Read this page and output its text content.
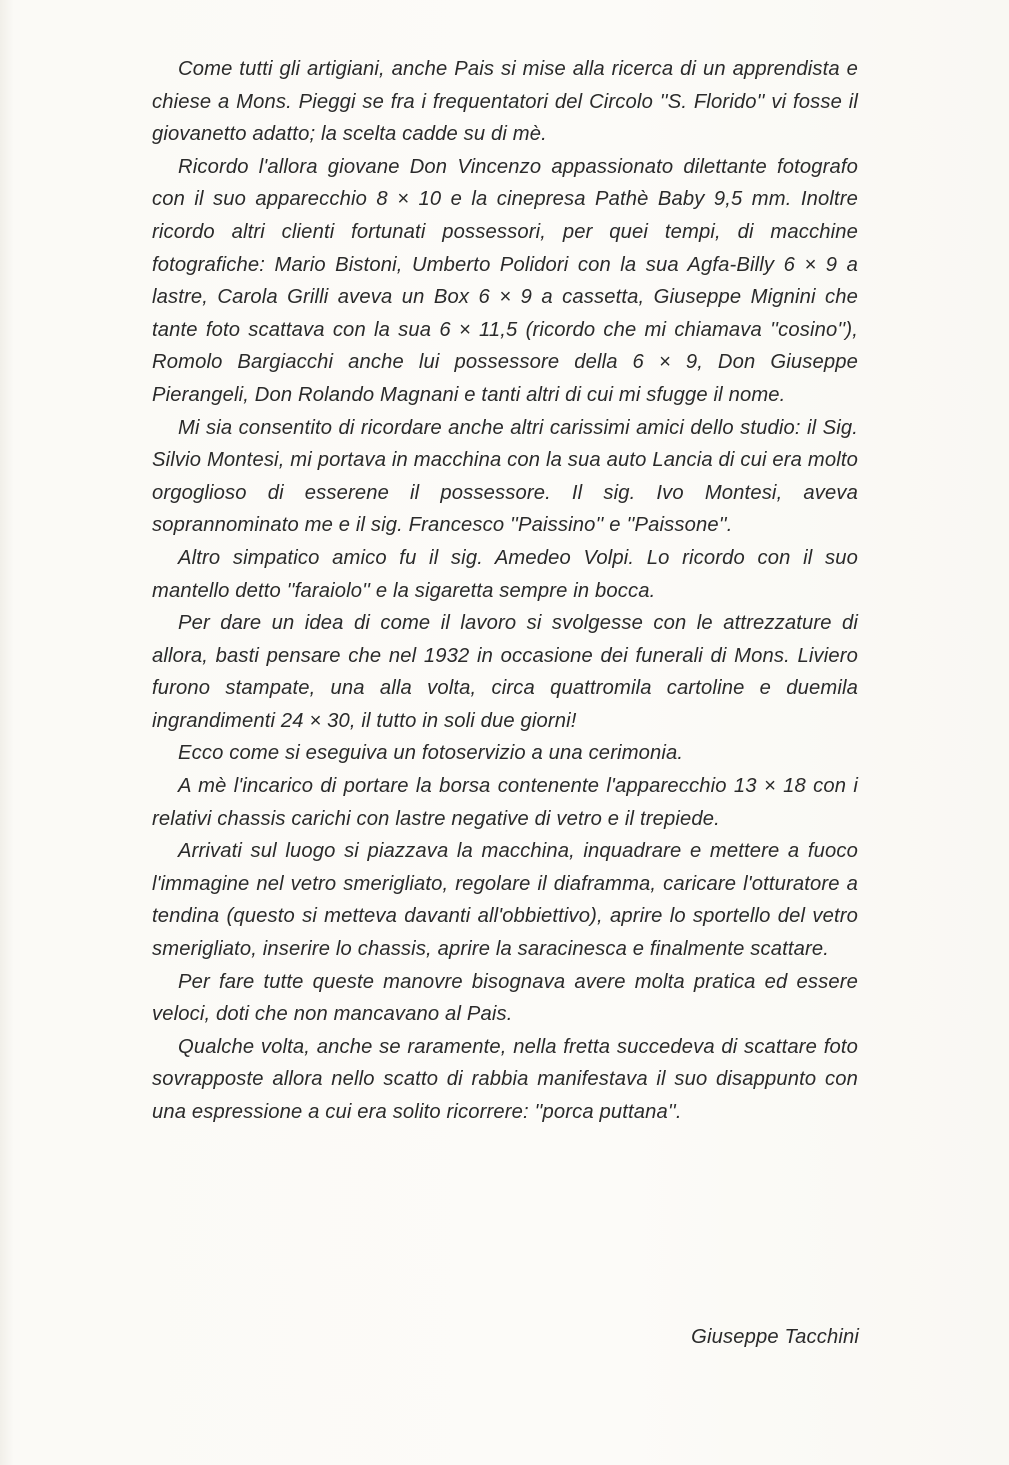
Come tutti gli artigiani, anche Pais si mise alla ricerca di un apprendista e chiese a Mons. Pieggi se fra i frequentatori del Circolo ''S. Florido'' vi fosse il giovanetto adatto; la scelta cadde su di mè.

Ricordo l'allora giovane Don Vincenzo appassionato dilettante fotografo con il suo apparecchio 8 × 10 e la cinepresa Pathè Baby 9,5 mm. Inoltre ricordo altri clienti fortunati possessori, per quei tempi, di macchine fotografiche: Mario Bistoni, Umberto Polidori con la sua Agfa-Billy 6 × 9 a lastre, Carola Grilli aveva un Box 6 × 9 a cassetta, Giuseppe Mignini che tante foto scattava con la sua 6 × 11,5 (ricordo che mi chiamava ''cosino''), Romolo Bargiacchi anche lui possessore della 6 × 9, Don Giuseppe Pierangeli, Don Rolando Magnani e tanti altri di cui mi sfugge il nome.

Mi sia consentito di ricordare anche altri carissimi amici dello studio: il Sig. Silvio Montesi, mi portava in macchina con la sua auto Lancia di cui era molto orgoglioso di esserene il possessore. Il sig. Ivo Montesi, aveva soprannominato me e il sig. Francesco ''Paissino'' e ''Paissone''.

Altro simpatico amico fu il sig. Amedeo Volpi. Lo ricordo con il suo mantello detto ''faraiolo'' e la sigaretta sempre in bocca.

Per dare un idea di come il lavoro si svolgesse con le attrezzature di allora, basti pensare che nel 1932 in occasione dei funerali di Mons. Liviero furono stampate, una alla volta, circa quattromila cartoline e duemila ingrandimenti 24 × 30, il tutto in soli due giorni!

Ecco come si eseguiva un fotoservizio a una cerimonia.

A mè l'incarico di portare la borsa contenente l'apparecchio 13 × 18 con i relativi chassis carichi con lastre negative di vetro e il trepiede.

Arrivati sul luogo si piazzava la macchina, inquadrare e mettere a fuoco l'immagine nel vetro smerigliato, regolare il diaframma, caricare l'otturatore a tendina (questo si metteva davanti all'obbiettivo), aprire lo sportello del vetro smerigliato, inserire lo chassis, aprire la saracinesca e finalmente scattare.

Per fare tutte queste manovre bisognava avere molta pratica ed essere veloci, doti che non mancavano al Pais.

Qualche volta, anche se raramente, nella fretta succedeva di scattare foto sovrapposte allora nello scatto di rabbia manifestava il suo disappunto con una espressione a cui era solito ricorrere: ''porca puttana''.

Giuseppe Tacchini
